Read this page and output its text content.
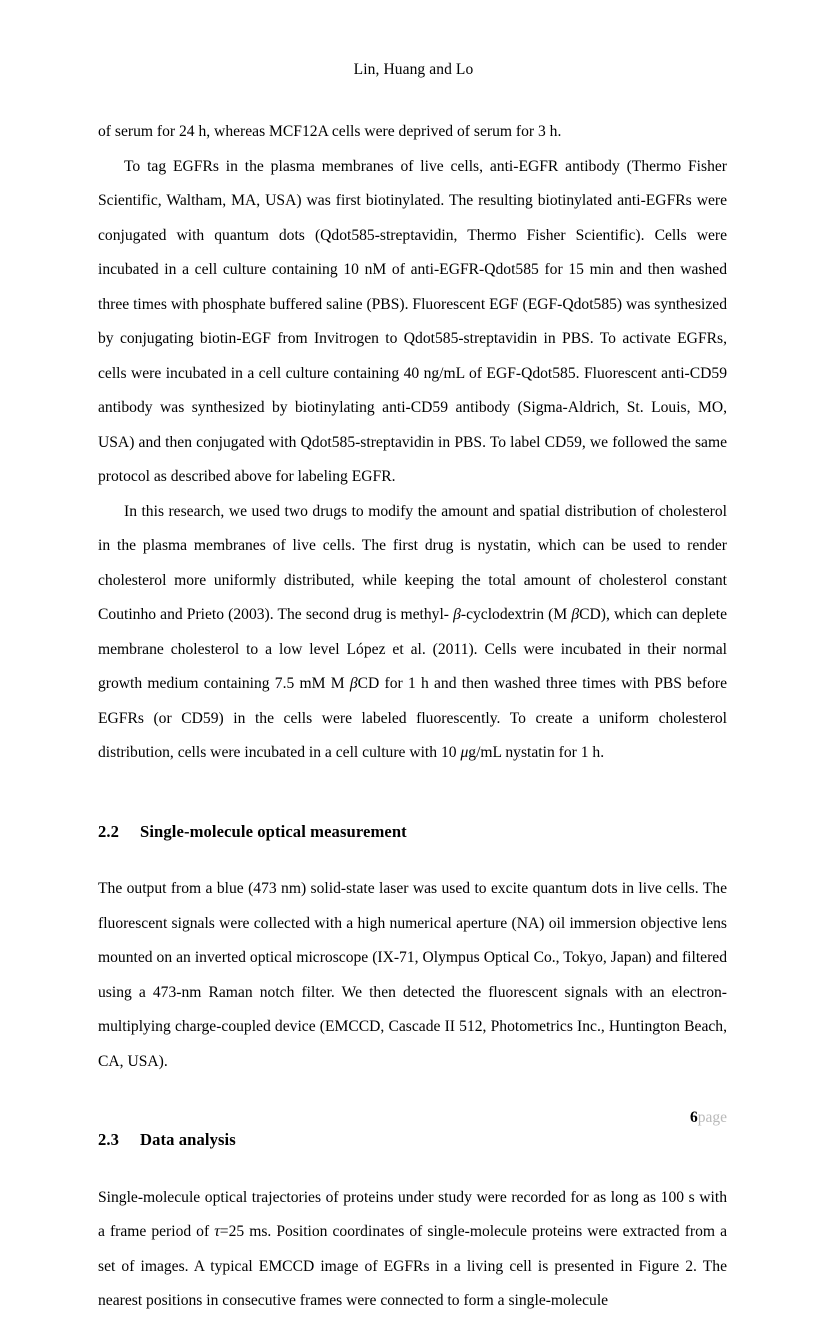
Lin, Huang and Lo

of serum for 24 h, whereas MCF12A cells were deprived of serum for 3 h.

To tag EGFRs in the plasma membranes of live cells, anti-EGFR antibody (Thermo Fisher Scientific, Waltham, MA, USA) was first biotinylated. The resulting biotinylated anti-EGFRs were conjugated with quantum dots (Qdot585-streptavidin, Thermo Fisher Scientific). Cells were incubated in a cell culture containing 10 nM of anti-EGFR-Qdot585 for 15 min and then washed three times with phosphate buffered saline (PBS). Fluorescent EGF (EGF-Qdot585) was synthesized by conjugating biotin-EGF from Invitrogen to Qdot585-streptavidin in PBS. To activate EGFRs, cells were incubated in a cell culture containing 40 ng/mL of EGF-Qdot585. Fluorescent anti-CD59 antibody was synthesized by biotinylating anti-CD59 antibody (Sigma-Aldrich, St. Louis, MO, USA) and then conjugated with Qdot585-streptavidin in PBS. To label CD59, we followed the same protocol as described above for labeling EGFR.

In this research, we used two drugs to modify the amount and spatial distribution of cholesterol in the plasma membranes of live cells. The first drug is nystatin, which can be used to render cholesterol more uniformly distributed, while keeping the total amount of cholesterol constant Coutinho and Prieto (2003). The second drug is methyl- β-cyclodextrin (M βCD), which can deplete membrane cholesterol to a low level López et al. (2011). Cells were incubated in their normal growth medium containing 7.5 mM M βCD for 1 h and then washed three times with PBS before EGFRs (or CD59) in the cells were labeled fluorescently. To create a uniform cholesterol distribution, cells were incubated in a cell culture with 10 μg/mL nystatin for 1 h.

2.2 Single-molecule optical measurement

The output from a blue (473 nm) solid-state laser was used to excite quantum dots in live cells. The fluorescent signals were collected with a high numerical aperture (NA) oil immersion objective lens mounted on an inverted optical microscope (IX-71, Olympus Optical Co., Tokyo, Japan) and filtered using a 473-nm Raman notch filter. We then detected the fluorescent signals with an electron-multiplying charge-coupled device (EMCCD, Cascade II 512, Photometrics Inc., Huntington Beach, CA, USA).

2.3 Data analysis

Single-molecule optical trajectories of proteins under study were recorded for as long as 100 s with a frame period of τ=25 ms. Position coordinates of single-molecule proteins were extracted from a set of images. A typical EMCCD image of EGFRs in a living cell is presented in Figure 2. The nearest positions in consecutive frames were connected to form a single-molecule

6page
